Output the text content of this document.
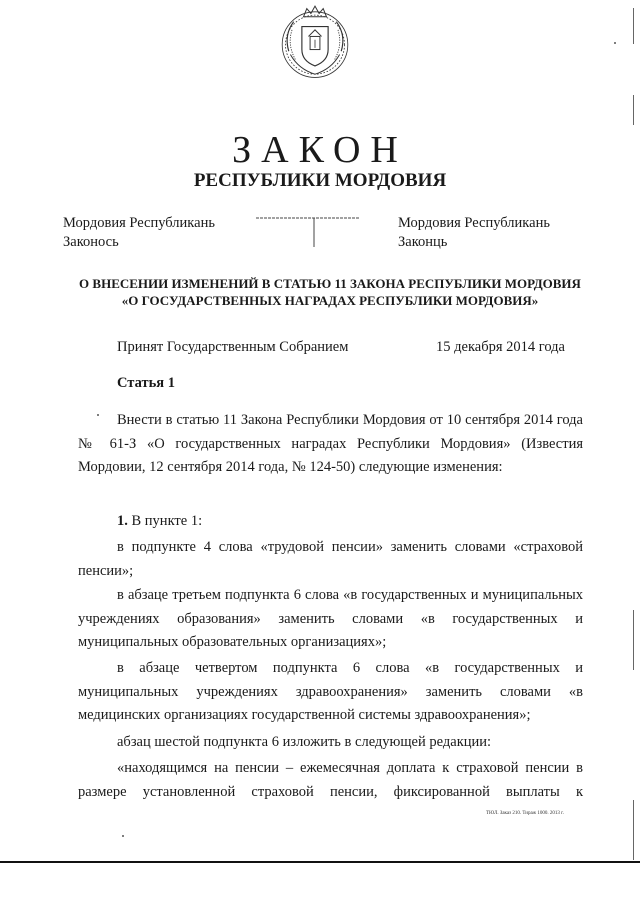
ЗАКОН
РЕСПУБЛИКИ МОРДОВИЯ
Мордовия Республикань
Законось
Мордовия Республикань
Законць
О ВНЕСЕНИИ ИЗМЕНЕНИЙ В СТАТЬЮ 11 ЗАКОНА РЕСПУБЛИКИ МОРДОВИЯ
«О ГОСУДАРСТВЕННЫХ НАГРАДАХ РЕСПУБЛИКИ МОРДОВИЯ»
Принят Государственным Собранием	15 декабря 2014 года
Статья 1
Внести в статью 11 Закона Республики Мордовия от 10 сентября 2014 года № 61-З «О государственных наградах Республики Мордовия» (Известия Мордовии, 12 сентября 2014 года, № 124-50) следующие изменения:
1. В пункте 1:
в подпункте 4 слова «трудовой пенсии» заменить словами «страховой пенсии»;
в абзаце третьем подпункта 6 слова «в государственных и муниципальных учреждениях образования» заменить словами «в государственных и муниципальных образовательных организациях»;
в абзаце четвертом подпункта 6 слова «в государственных и муниципальных учреждениях здравоохранения» заменить словами «в медицинских организациях государственной системы здравоохранения»;
абзац шестой подпункта 6 изложить в следующей редакции:
«находящимся на пенсии – ежемесячная доплата к страховой пенсии в размере установленной страховой пенсии, фиксированной выплаты к
ТЮЛ. Заказ 210. Тираж 1000. 2013 г.
